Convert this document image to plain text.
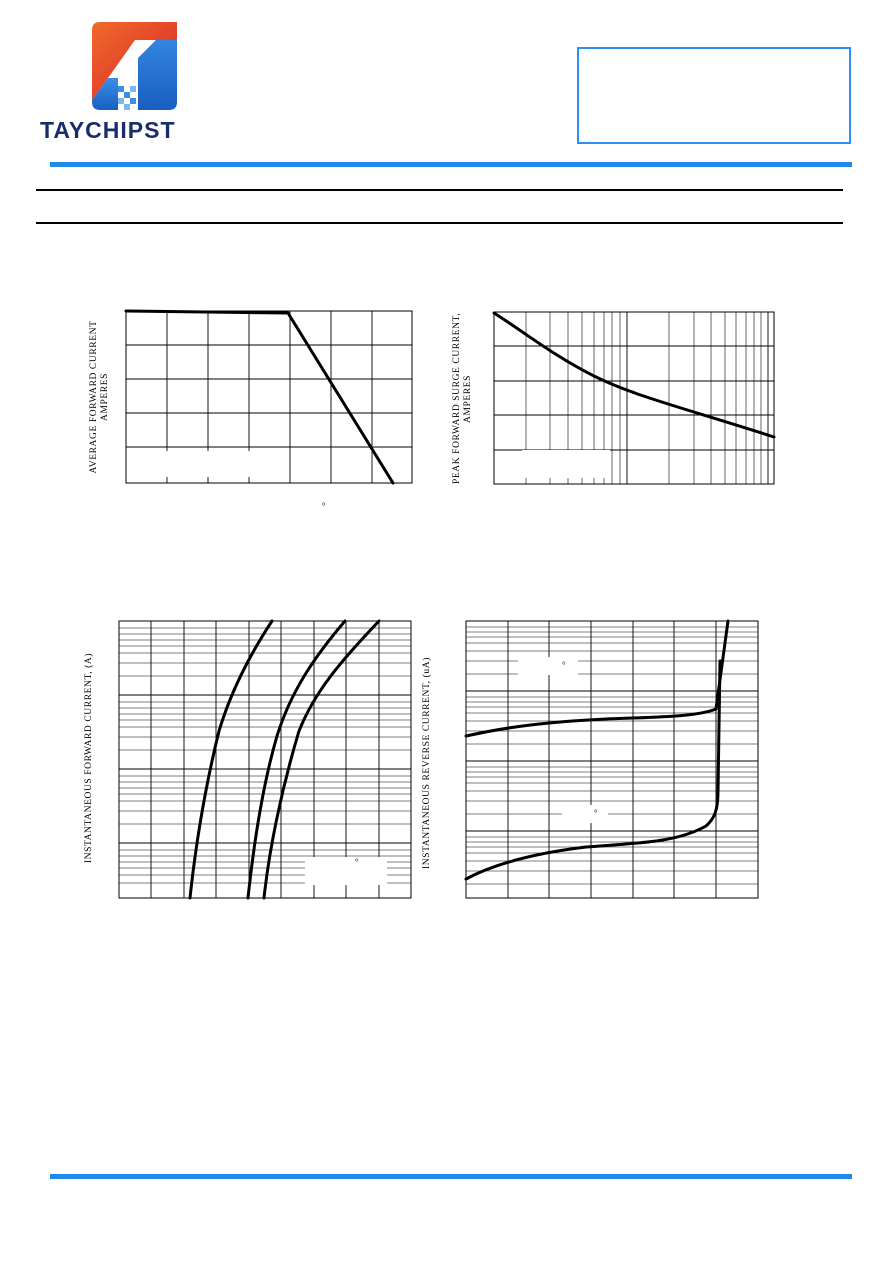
TAYCHIPST
AVERAGE FORWARD CURRENT AMPERES
°
PEAK FORWARD SURGE CURRENT, AMPERES
INSTANTANEOUS FORWARD CURRENT, (A)	°	INSTANTANEOUS REVERSE CURRENT, (uA)	°
°
